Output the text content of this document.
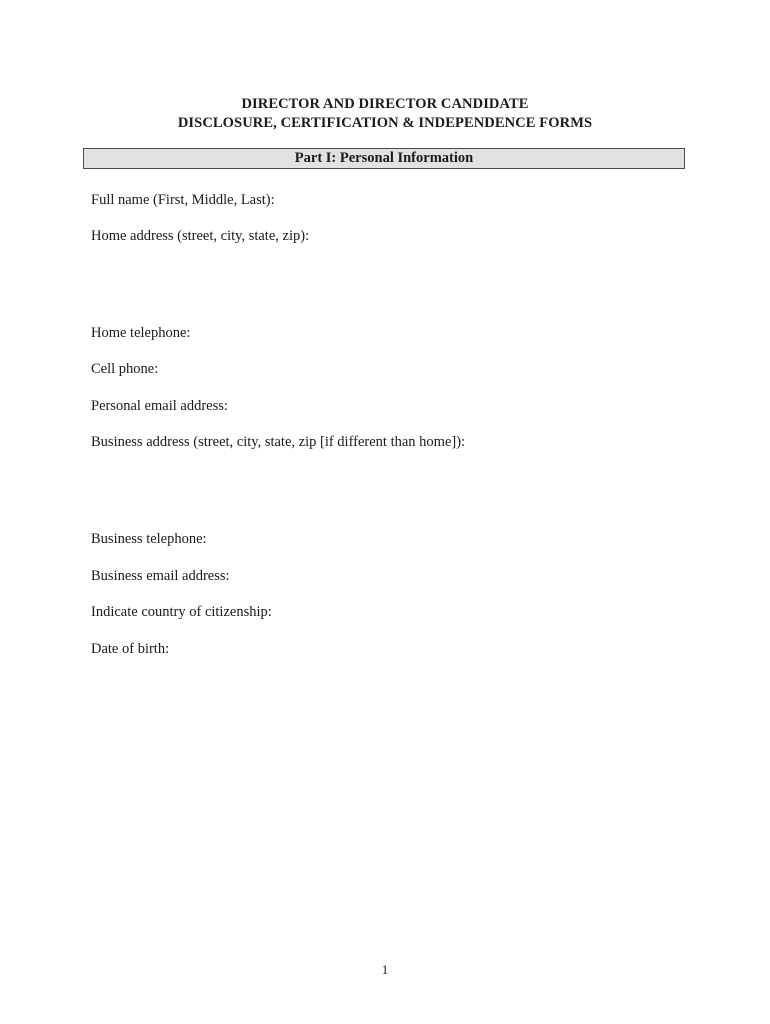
DIRECTOR AND DIRECTOR CANDIDATE
DISCLOSURE, CERTIFICATION & INDEPENDENCE FORMS
Part I: Personal Information
Full name (First, Middle, Last):
Home address (street, city, state, zip):
Home telephone:
Cell phone:
Personal email address:
Business address (street, city, state, zip [if different than home]):
Business telephone:
Business email address:
Indicate country of citizenship:
Date of birth:
1
